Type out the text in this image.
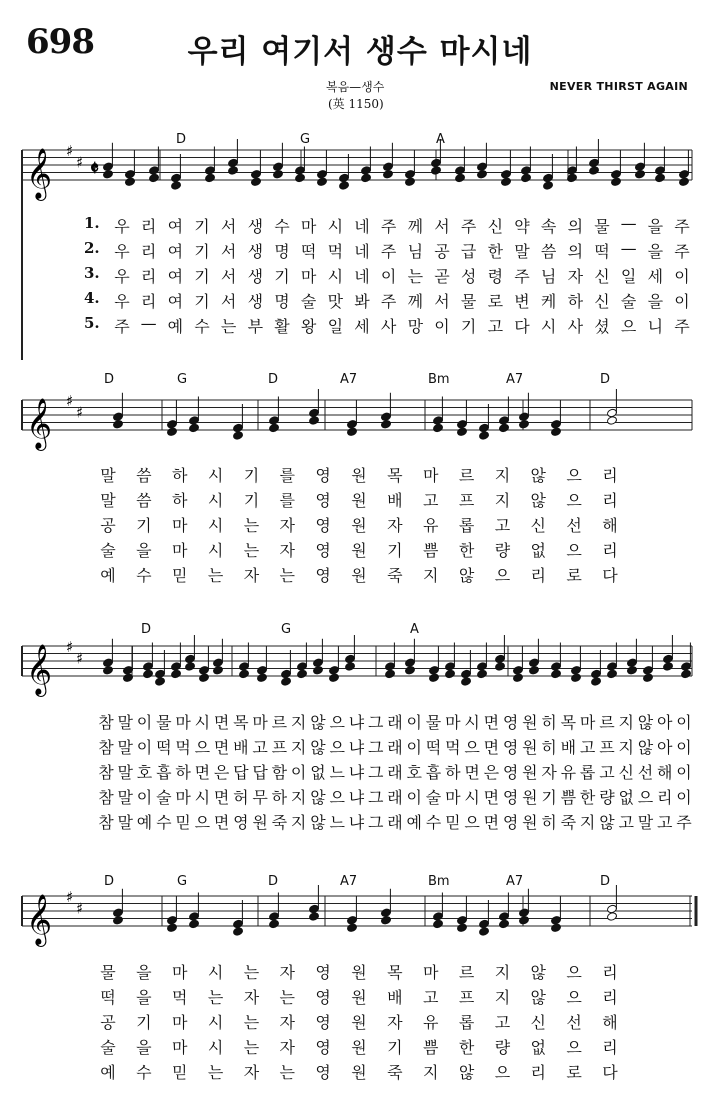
698	우리 여기서 생수 마시네
복음—생수
(英 1150)
NEVER THIRST AGAIN
𝄞 ♯
♯ 𝄵
D	G	A
1. 우 리 여 기 서 생 수 마 시 네 주 께 서 주 신 약 속 의 물 — 을 주
2. 우 리 여 기 서 생 명 떡 먹 네 주 님 공 급 한 말 씀 의 떡 — 을 주
3. 우 리 여 기 서 생 기 마 시 네 이 는 곧 성 령 주 님 자 신 일 세 이
4. 우 리 여 기 서 생 명 술 맛 봐 주 께 서 물 로 변 케 하 신 술 을 이
5. 주 — 예 수 는 부 활 왕 일 세 사 망 이 기 고 다 시 사 셨 으 니 주
𝄞 ♯
♯
D	G	D	A7	Bm	A7	D
말 씀 하 시 기 를 영 원 목 마 르 지 않 으 리
말 씀 하 시 기 를 영 원 배 고 프 지 않 으 리
공 기 마 시 는 자 영 원 자 유 롭 고 신 선 해
술 을 마 시 는 자 영 원 기 쁨 한 량 없 으 리
예 수 믿 는 자 는 영 원 죽 지 않 으 리 로 다
𝄞 ♯
♯
D	G	A
참 말 이 물 마 시 면 목 마 르 지 않 으 냐 그 래 이 물 마 시 면 영 원 히 목 마 르 지 않 아 이
참 말 이 떡 먹 으 면 배 고 프 지 않 으 냐 그 래 이 떡 먹 으 면 영 원 히 배 고 프 지 않 아 이
참 말 호 흡 하 면 은 답 답 함 이 없 느 냐 그 래 호 흡 하 면 은 영 원 자 유 롭 고 신 선 해 이
참 말 이 술 마 시 면 허 무 하 지 않 으 냐 그 래 이 술 마 시 면 영 원 기 쁨 한 량 없 으 리 이
참 말 예 수 믿 으 면 영 원 죽 지 않 느 냐 그 래 예 수 믿 으 면 영 원 히 죽 지 않 고 말 고 주
𝄞 ♯
♯
D	G	D	A7	Bm	A7	D
물 을 마 시 는 자 영 원 목 마 르 지 않 으 리
떡 을 먹 는 자 는 영 원 배 고 프 지 않 으 리
공 기 마 시 는 자 영 원 자 유 롭 고 신 선 해
술 을 마 시 는 자 영 원 기 쁨 한 량 없 으 리
예 수 믿 는 자 는 영 원 죽 지 않 으 리 로 다
